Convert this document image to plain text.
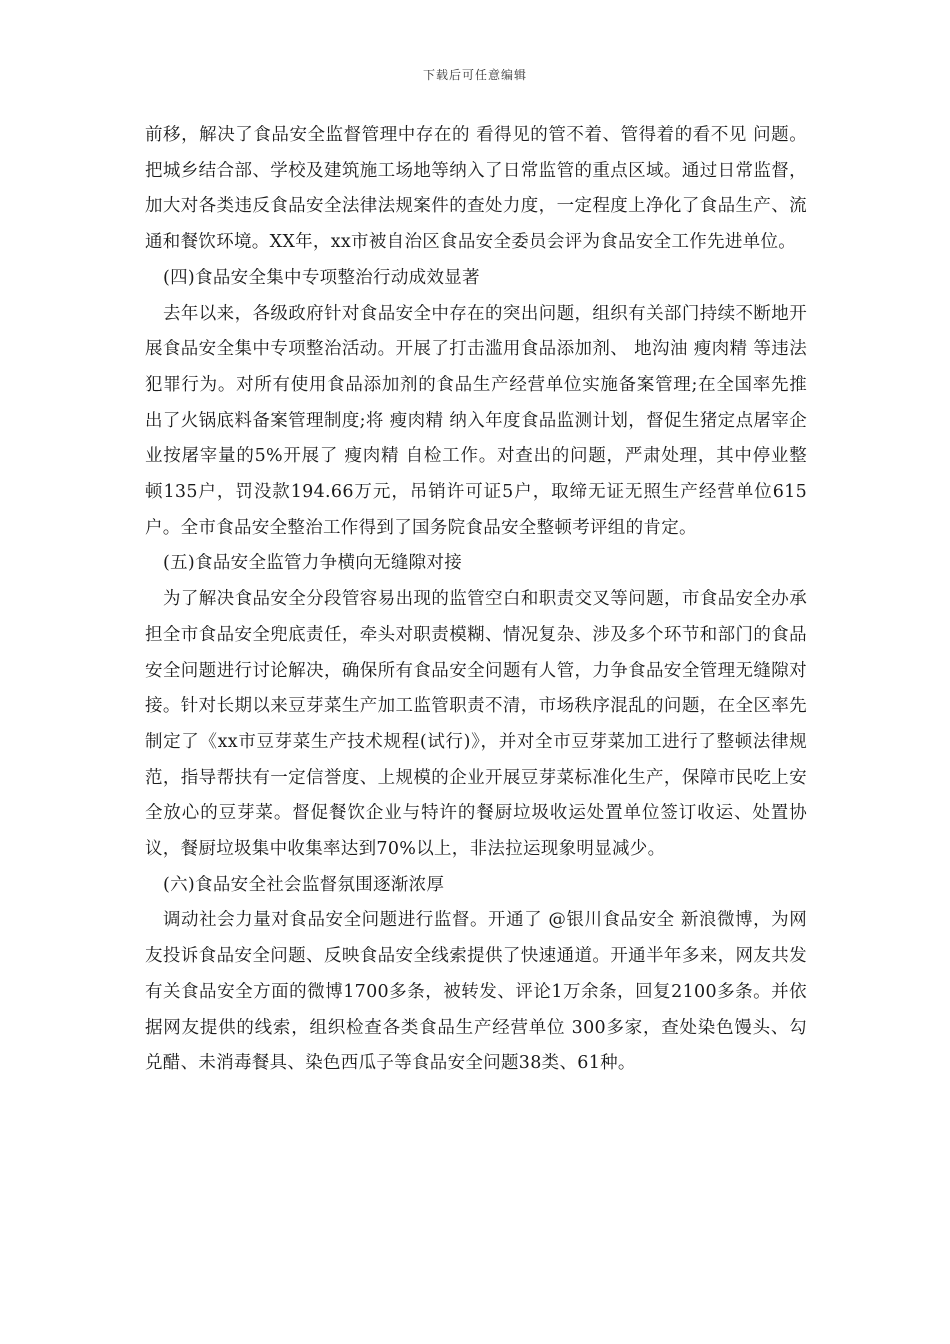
下载后可任意编辑

前移，解决了食品安全监督管理中存在的 看得见的管不着、管得着的看不见 问题。把城乡结合部、学校及建筑施工场地等纳入了日常监管的重点区域。通过日常监督，加大对各类违反食品安全法律法规案件的查处力度，一定程度上净化了食品生产、流通和餐饮环境。XX年，xx市被自治区食品安全委员会评为食品安全工作先进单位。

(四)食品安全集中专项整治行动成效显著

去年以来，各级政府针对食品安全中存在的突出问题，组织有关部门持续不断地开展食品安全集中专项整治活动。开展了打击滥用食品添加剂、 地沟油 瘦肉精 等违法犯罪行为。对所有使用食品添加剂的食品生产经营单位实施备案管理;在全国率先推出了火锅底料备案管理制度;将 瘦肉精 纳入年度食品监测计划，督促生猪定点屠宰企业按屠宰量的5%开展了 瘦肉精 自检工作。对查出的问题，严肃处理，其中停业整顿135户，罚没款194.66万元，吊销许可证5户，取缔无证无照生产经营单位615户。全市食品安全整治工作得到了国务院食品安全整顿考评组的肯定。

(五)食品安全监管力争横向无缝隙对接

为了解决食品安全分段管容易出现的监管空白和职责交叉等问题，市食品安全办承担全市食品安全兜底责任，牵头对职责模糊、情况复杂、涉及多个环节和部门的食品安全问题进行讨论解决，确保所有食品安全问题有人管，力争食品安全管理无缝隙对接。针对长期以来豆芽菜生产加工监管职责不清，市场秩序混乱的问题，在全区率先制定了《xx市豆芽菜生产技术规程(试行)》，并对全市豆芽菜加工进行了整顿法律规范，指导帮扶有一定信誉度、上规模的企业开展豆芽菜标准化生产，保障市民吃上安全放心的豆芽菜。督促餐饮企业与特许的餐厨垃圾收运处置单位签订收运、处置协议，餐厨垃圾集中收集率达到70%以上，非法拉运现象明显减少。

(六)食品安全社会监督氛围逐渐浓厚

调动社会力量对食品安全问题进行监督。开通了 @银川食品安全 新浪微博，为网友投诉食品安全问题、反映食品安全线索提供了快速通道。开通半年多来，网友共发有关食品安全方面的微博1700多条，被转发、评论1万余条，回复2100多条。并依据网友提供的线索，组织检查各类食品生产经营单位 300多家，查处染色馒头、勾兑醋、未消毒餐具、染色西瓜子等食品安全问题38类、61种。
